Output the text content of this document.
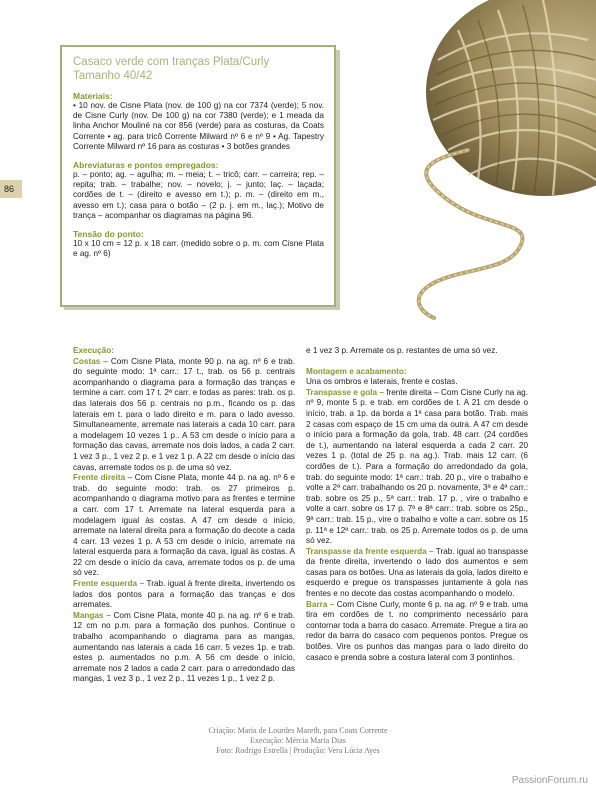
86

Casaco verde com tranças Plata/Curly

Tamanho 40/42

Materiais:

• 10 nov. de Cisne Plata (nov. de 100 g) na cor 7374 (verde); 5 nov. de Cisne Curly (nov. De 100 g) na cor 7380 (verde); e 1 meada da linha Anchor Mouliné na cor 856 (verde) para as costuras, da Coats Corrente • ag. para tricô Corrente Milward nº 6 e nº 9 • Ag. Tapestry Corrente Milward nº 16 para as costuras • 3 botões grandes

Abreviaturas e pontos empregados:

p. – ponto; ag. – agulha; m. – meia; t. – tricô; carr. – carreira; rep. – repita; trab. – trabalhe; nov. – novelo; j. – junto; laç. – laçada; cordões de t. – (direito e avesso em t.); p. m. – (direito em m., avesso em t.); casa para o botão – (2 p. j. em m., laç.); Motivo de trança – acompanhar os diagramas na página 96.

Tensão do ponto:

10 x 10 cm = 12 p. x 18 carr. (medido sobre o p. m. com Cisne Plata e ag. nº 6)

Execução:

Costas – Com Cisne Plata, monte 90 p. na ag. nº 6 e trab. do seguinte modo: 1ª carr.: 17 t., trab. os 56 p. centrais acompanhando o diagrama para a formação das tranças e termine a carr. com 17 t. 2ª carr. e todas as pares: trab. os p. das laterais dos 56 p. centrais no p.m., ficando os p. das laterais em t. para o lado direito e m. para o lado avesso. Simultaneamente, arremate nas laterais a cada 10 carr. para a modelagem 10 vezes 1 p.. A 53 cm desde o início para a formação das cavas, arremate nos dois lados, a cada 2 carr. 1 vez 3 p., 1 vez 2 p. e 1 vez 1 p. A 22 cm desde o início das cavas, arremate todos os p. de uma só vez.

Frente direita – Com Cisne Plata, monte 44 p. na ag. nº 6 e trab. do seguinte modo: trab. os 27 primeiros p. acompanhando o diagrama motivo para as frentes e termine a carr. com 17 t. Arremate na lateral esquerda para a modelagem igual às costas. A 47 cm desde o início, arremate na lateral direita para a formação do decote a cada 4 carr. 13 vezes 1 p. A 53 cm desde o início, arremate na lateral esquerda para a formação da cava, igual às costas. A 22 cm desde o início da cava, arremate todos os p. de uma só vez.

Frente esquerda – Trab. igual à frente direita, invertendo os lados dos pontos para a formação das tranças e dos arremates.

Mangas – Com Cisne Plata, monte 40 p. na ag. nº 6 e trab. 12 cm no p.m. para a formação dos punhos. Continue o trabalho acompanhando o diagrama para as mangas, aumentando nas laterais a cada 16 carr. 5 vezes 1p. e trab. estes p. aumentados no p.m. A 56 cm desde o início, arremate nos 2 lados a cada 2 carr. para o arredondado das mangas, 1 vez 3 p., 1 vez 2 p., 11 vezes 1 p., 1 vez 2 p.

e 1 vez 3 p. Arremate os p. restantes de uma só vez.

Montagem e acabamento:

Una os ombros e laterais, frente e costas.

Transpasse e gola – frente direita – Com Cisne Curly na ag. nº 9, monte 5 p. e trab. em cordões de t. A 21 cm desde o início, trab. a 1p. da borda a 1ª casa para botão. Trab. mais 2 casas com espaço de 15 cm uma da outra. A 47 cm desde o início para a formação da gola, trab. 48 carr. (24 cordões de t.), aumentando na lateral esquerda a cada 2 carr. 20 vezes 1 p. (total de 25 p. na ag.). Trab. mais 12 carr. (6 cordões de t.). Para a formação do arredondado da gola, trab. do seguinte modo: 1ª carr.: trab. 20 p., vire o trabalho e volte a 2ª carr. trabalhando os 20 p. novamente, 3ª e 4ª carr.: trab. sobre os 25 p., 5ª carr.: trab. 17 p. , vire o trabalho e volte a carr. sobre os 17 p. 7ª e 8ª carr.: trab. sobre os 25p., 9ª carr.: trab. 15 p., vire o trabalho e volte a carr. sobre os 15 p. 11ª e 12ª carr.: trab. os 25 p. Arremate todos os p. de uma só vez.

Transpasse da frente esquerda – Trab. igual ao transpasse da frente direita, invertendo o lado dos aumentos e sem casas para os botões. Una as laterais da gola, lados direito e esquerdo e pregue os transpasses juntamente à gola nas frentes e no decote das costas acompanhando o modelo.

Barra – Com Cisne Curly, monte 6 p. na ag. nº 9 e trab. uma tira em cordões de t. no comprimento necessário para contornar toda a barra do casaco. Arremate. Pregue a tira ao redor da barra do casaco com pequenos pontos. Pregue os botões. Vire os punhos das mangas para o lado direito do casaco e prenda sobre a costura lateral com 3 pontinhos.

Criação: Maria de Lourdes Mareth, para Coats Corrente
Execução: Mércia Maria Dias
Foto: Rodrigo Estrella | Produção: Vera Lúcia Ayes
PassionForum.ru
